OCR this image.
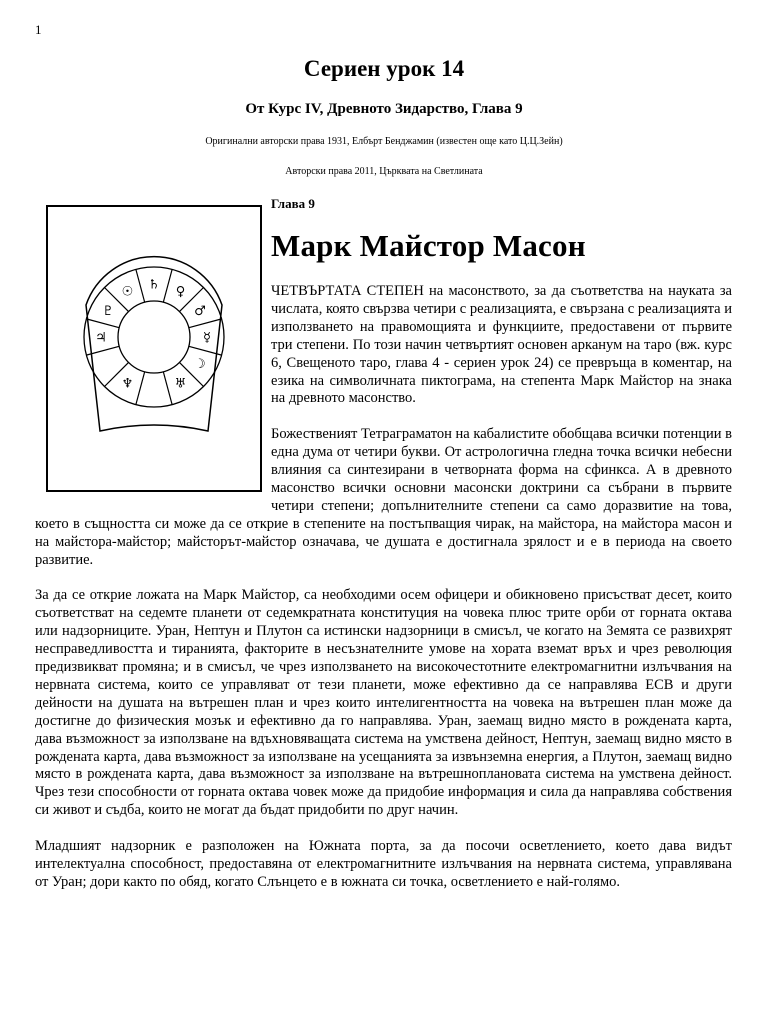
1
Сериен урок 14
От Курс IV, Древното Зидарство, Глава 9
Оригинални авторски права 1931, Елбърт Бенджамин (известен още като Ц.Ц.Зейн)
Авторски права 2011, Църквата на Светлината
♄ ♀
♂
☿
♅
♆
♃
♇
☉
☽
Глава 9
Марк Майстор Масон

ЧЕТВЪРТАТА СТЕПЕН на масонството, за да съответства на науката за числата, която свързва четири с реализацията, е свързана с реализацията и използването на правомощията и функциите, предоставени от първите три степени. По този начин четвъртият основен арканум на таро (вж. курс 6, Свещеното таро, глава 4 - сериен урок 24) се превръща в коментар, на езика на символичната пиктограма, на степента Марк Майстор на знака на древното масонство.

Божественият Тетраграматон на кабалистите обобщава всички потенции в една дума от четири букви. От астрологична гледна точка всички небесни влияния са синтезирани в четворната форма на сфинкса. А в древното масонство всички основни масонски доктрини са събрани в първите четири степени; допълнителните степени са само доразвитие на това, което в същността си може да се открие в степените на постъпващия чирак, на майстора, на майстора масон и на майстора-майстор; майсторът-майстор означава, че душата е достигнала зрялост и е в периода на своето развитие.

За да се открие ложата на Марк Майстор, са необходими осем офицери и обикновено присъстват десет, които съответстват на седемте планети от седемкратната конституция на човека плюс трите орби от горната октава или надзорниците. Уран, Нептун и Плутон са истински надзорници в смисъл, че когато на Земята се развихрят несправедливостта и тиранията, факторите в несъзнателните умове на хората вземат връх и чрез революция предизвикват промяна; и в смисъл, че чрез използването на високочестотните електромагнитни излъчвания на нервната система, които се управляват от тези планети, може ефективно да се направлява ЕСВ и други дейности на душата на вътрешен план и чрез които интелигентността на човека на вътрешен план може да достигне до физическия мозък и ефективно да го направлява. Уран, заемащ видно място в рождената карта, дава възможност за използване на вдъхновяващата система на умствена дейност, Нептун, заемащ видно място в рождената карта, дава възможност за използване на усещанията за извънземна енергия, а Плутон, заемащ видно място в рождената карта, дава възможност за използване на вътрешноплановата система на умствена дейност. Чрез тези способности от горната октава човек може да придобие информация и сила да направлява собствения си живот и съдба, които не могат да бъдат придобити по друг начин.

Младшият надзорник е разположен на Южната порта, за да посочи осветлението, което дава видът интелектуална способност, предоставяна от електромагнитните излъчвания на нервната система, управлявана от Уран; дори както по обяд, когато Слънцето е в южната си точка, осветлението е най-голямо.
